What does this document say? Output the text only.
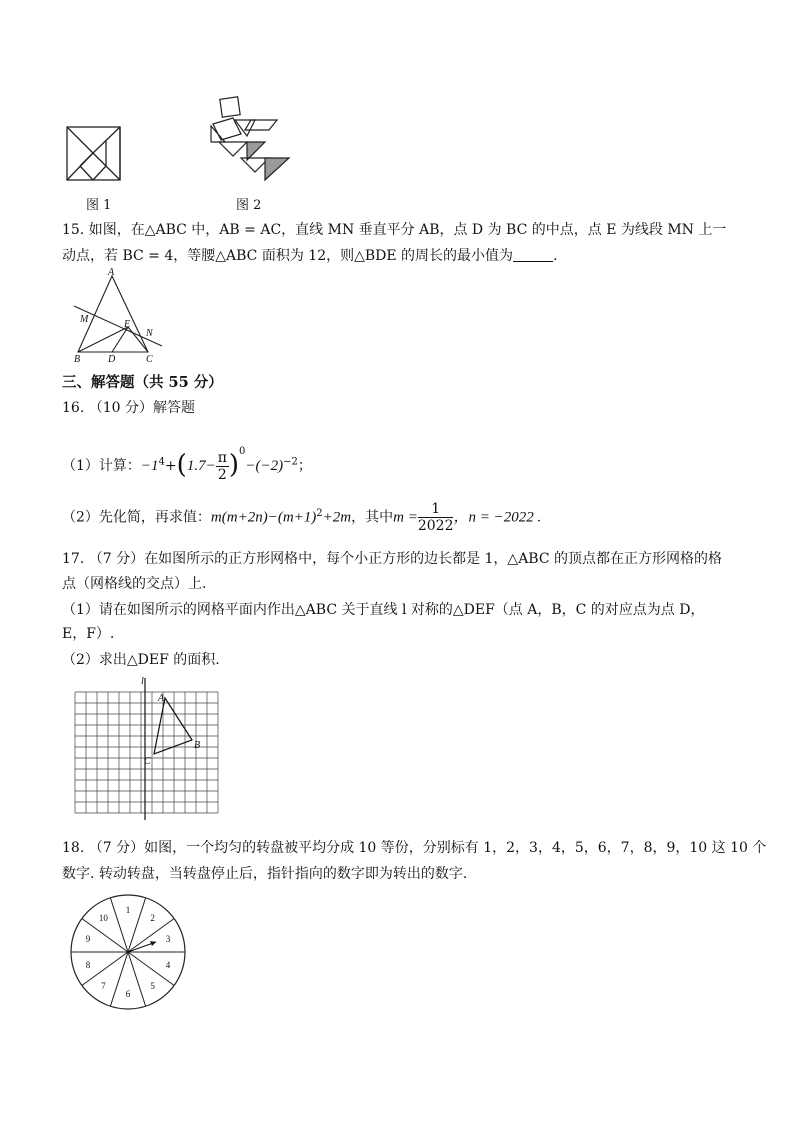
图 1	图 2
15. 如图，在△ABC 中，AB = AC，直线 MN 垂直平分 AB，点 D 为 BC 的中点，点 E 为线段 MN 上一
动点，若 BC = 4，等腰△ABC 面积为 12，则△BDE 的周长的最小值为	.
A
M	E
N
B	D	C
三、解答题（共 55 分）
16. （10 分）解答题
（1）计算：$-1^4+(1.7- \frac{\pi}{2} )^0-(-2)^{-2}$；
（2）先化简，再求值：$m(m+2n)-(m+1)^2+2m$，其中$m = \frac{1}{2022}$ ，n = −2022 .
17. （7 分）在如图所示的正方形网格中，每个小正方形的边长都是 1，△ABC 的顶点都在正方形网格的格
点（网格线的交点）上.
（1）请在如图所示的网格平面内作出△ABC 关于直线 l 对称的△DEF（点 A，B，C 的对应点为点 D，
E，F）.
（2）求出△DEF 的面积.
l
A
B
C
18. （7 分）如图，一个均匀的转盘被平均分成 10 等份，分别标有 1，2，3，4，5，6，7，8，9，10 这 10 个
数字. 转动转盘，当转盘停止后，指针指向的数字即为转出的数字.
1
2
3
4
5
6
7
8
9
10
